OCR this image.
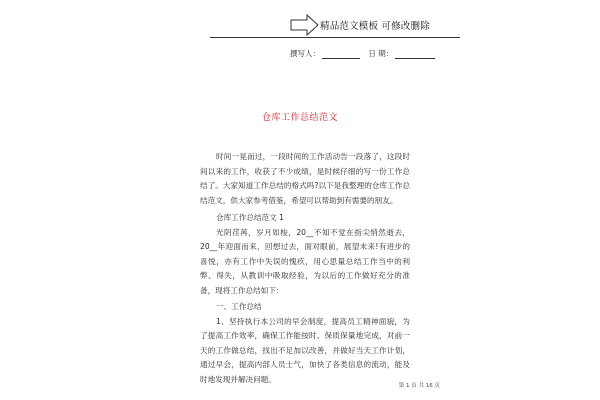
精品范文模板 可修改删除
撰写人：	日 期：
仓库工作总结范文

时间一晃而过，一段时间的工作活动告一段落了，这段时间以来的工作，收获了不少成绩，是时候仔细的写一份工作总结了。大家知道工作总结的格式吗?以下是我整理的仓库工作总结范文，供大家参考借鉴，希望可以帮助到有需要的朋友。

仓库工作总结范文 1

光阴荏苒，岁月如梭，20__不知不觉在指尖悄然逝去，20__年迎面而来，回想过去，面对眼前，展望未来!有进步的喜悦，亦有工作中失误的愧疚，用心思量总结工作当中的利弊、得失，从教训中吸取经验，为以后的工作做好充分的准备，现将工作总结如下：

一、工作总结

1、坚持执行本公司的早会制度，提高员工精神面貌，为了提高工作效率，确保工作能按时、保质保量地完成，对前一天的工作做总结，找出不足加以改善，并做好当天工作计划，通过早会，提高内部人员士气，加快了各类信息的流动，能及时地发现并解决问题。

第 1 页 共 16 页
